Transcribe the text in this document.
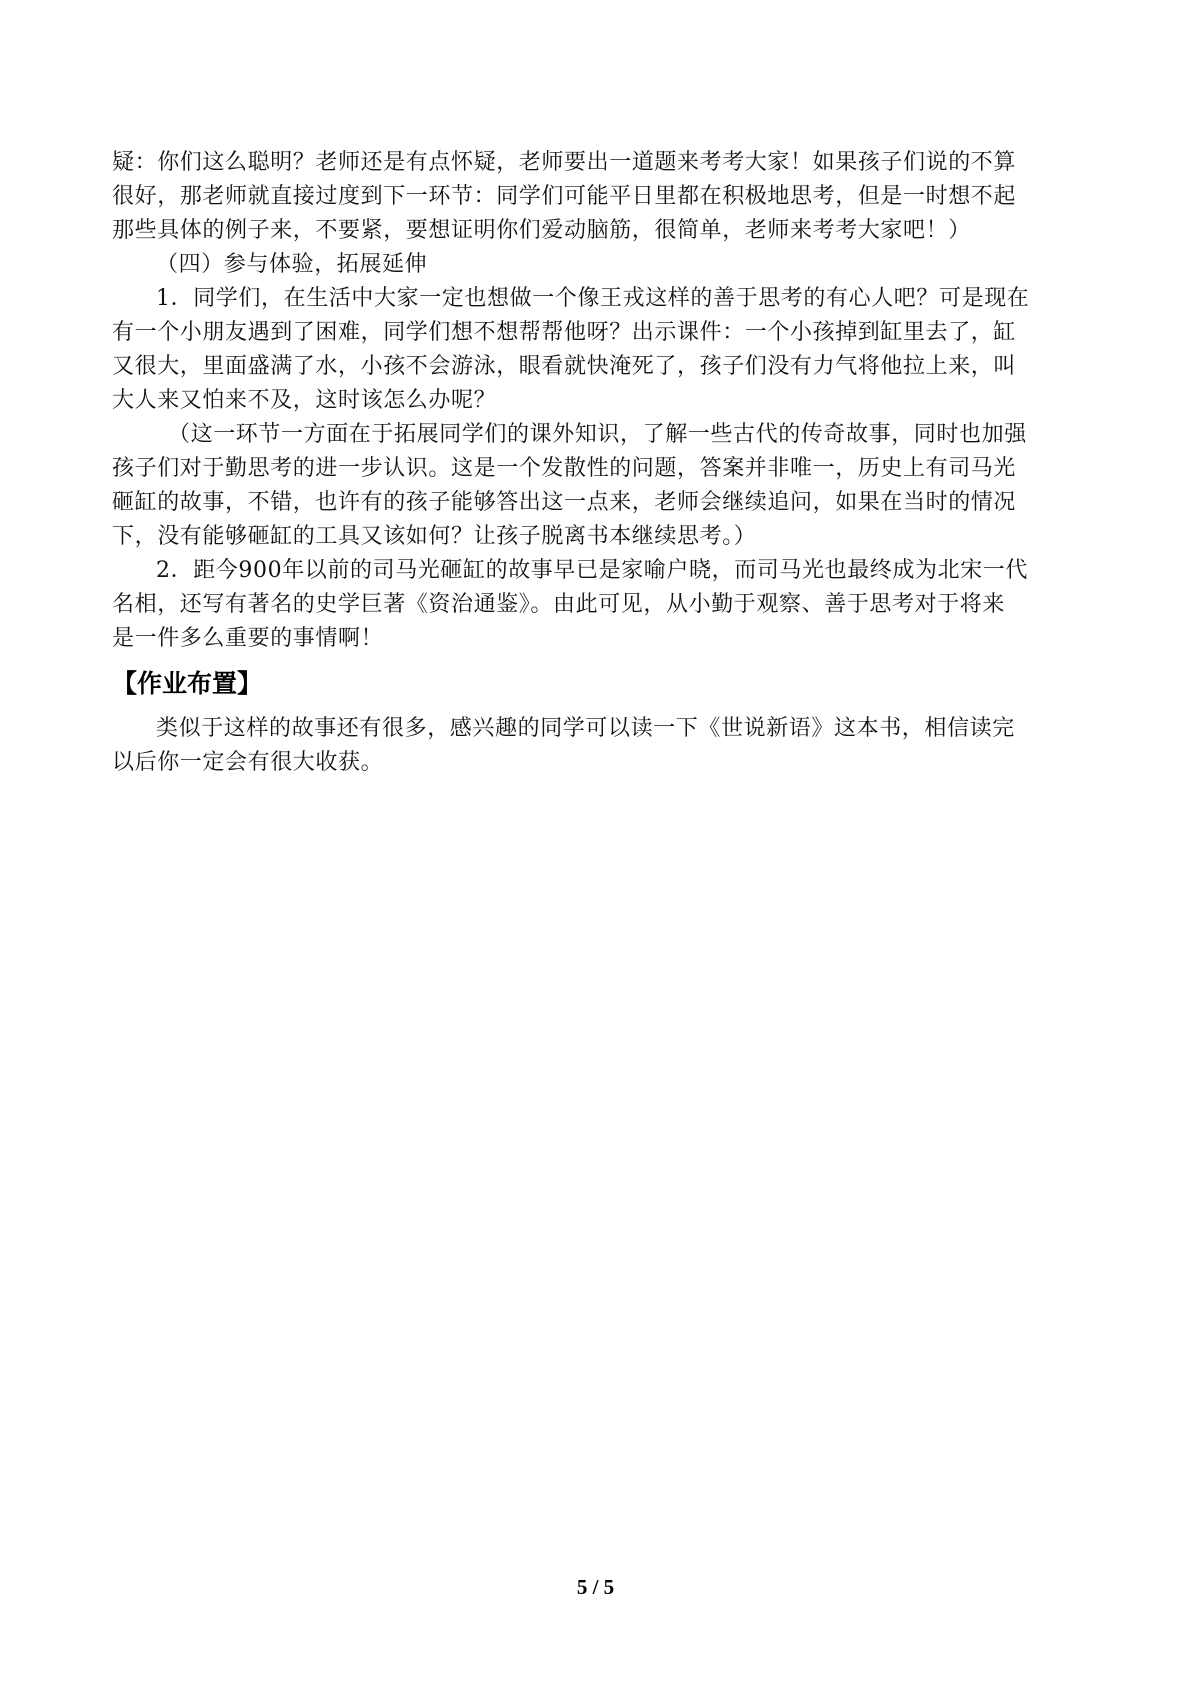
疑：你们这么聪明？老师还是有点怀疑，老师要出一道题来考考大家！如果孩子们说的不算
很好，那老师就直接过度到下一环节：同学们可能平日里都在积极地思考，但是一时想不起
那些具体的例子来，不要紧，要想证明你们爱动脑筋，很简单，老师来考考大家吧！）
（四）参与体验，拓展延伸
1．同学们，在生活中大家一定也想做一个像王戎这样的善于思考的有心人吧？可是现在
有一个小朋友遇到了困难，同学们想不想帮帮他呀？出示课件：一个小孩掉到缸里去了，缸
又很大，里面盛满了水，小孩不会游泳，眼看就快淹死了，孩子们没有力气将他拉上来，叫
大人来又怕来不及，这时该怎么办呢？
（这一环节一方面在于拓展同学们的课外知识，了解一些古代的传奇故事，同时也加强
孩子们对于勤思考的进一步认识。这是一个发散性的问题，答案并非唯一，历史上有司马光
砸缸的故事，不错，也许有的孩子能够答出这一点来，老师会继续追问，如果在当时的情况
下，没有能够砸缸的工具又该如何？让孩子脱离书本继续思考。）
2．距今900年以前的司马光砸缸的故事早已是家喻户晓，而司马光也最终成为北宋一代
名相，还写有著名的史学巨著《资治通鉴》。由此可见，从小勤于观察、善于思考对于将来
是一件多么重要的事情啊！
【作业布置】
类似于这样的故事还有很多，感兴趣的同学可以读一下《世说新语》这本书，相信读完
以后你一定会有很大收获。
5 / 5
